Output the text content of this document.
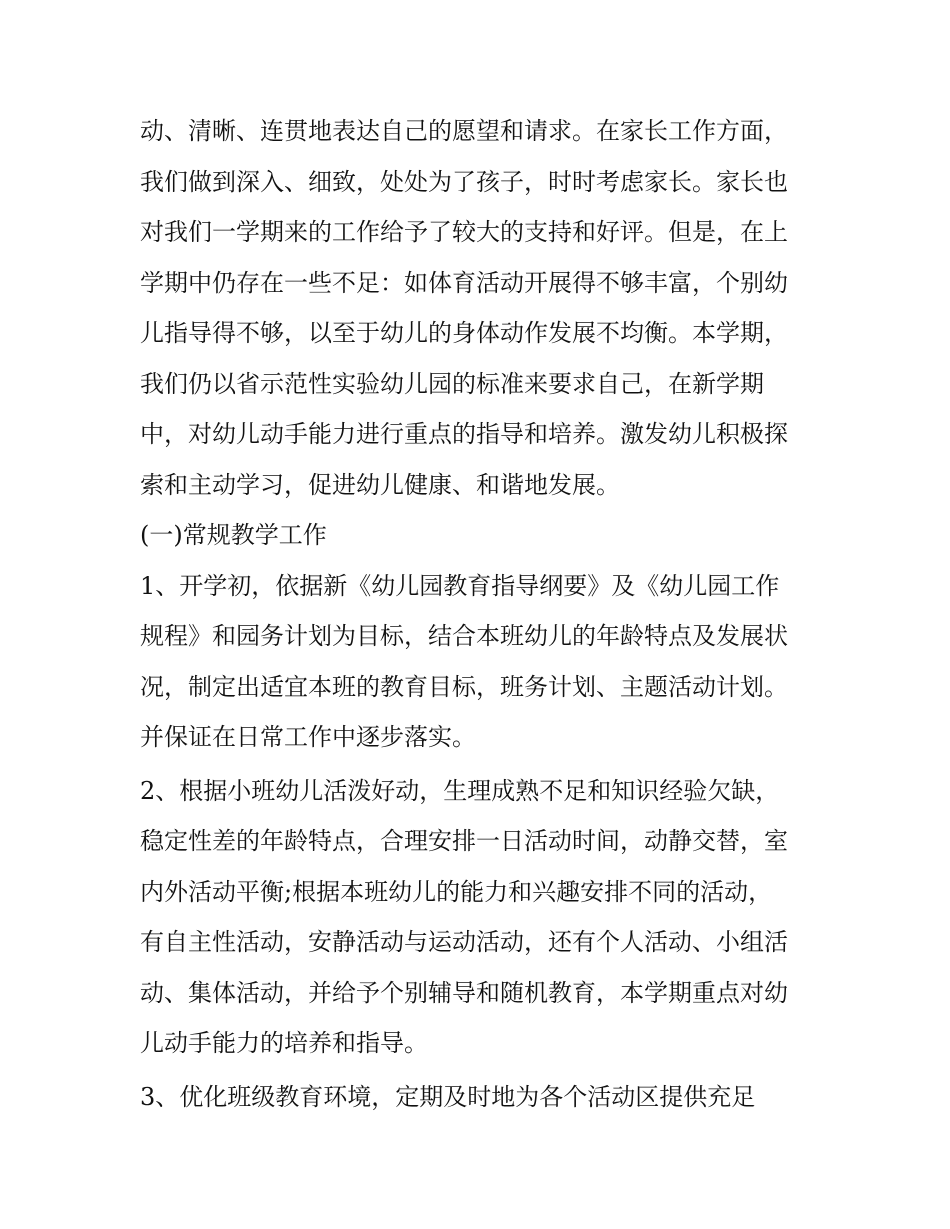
动、清晰、连贯地表达自己的愿望和请求。在家长工作方面，
我们做到深入、细致，处处为了孩子，时时考虑家长。家长也
对我们一学期来的工作给予了较大的支持和好评。但是，在上
学期中仍存在一些不足：如体育活动开展得不够丰富，个别幼
儿指导得不够，以至于幼儿的身体动作发展不均衡。本学期，
我们仍以省示范性实验幼儿园的标准来要求自己，在新学期
中，对幼儿动手能力进行重点的指导和培养。激发幼儿积极探
索和主动学习，促进幼儿健康、和谐地发展。
(一)常规教学工作
1、开学初，依据新《幼儿园教育指导纲要》及《幼儿园工作
规程》和园务计划为目标，结合本班幼儿的年龄特点及发展状
况，制定出适宜本班的教育目标，班务计划、主题活动计划。
并保证在日常工作中逐步落实。
2、根据小班幼儿活泼好动，生理成熟不足和知识经验欠缺，
稳定性差的年龄特点，合理安排一日活动时间，动静交替，室
内外活动平衡;根据本班幼儿的能力和兴趣安排不同的活动，
有自主性活动，安静活动与运动活动，还有个人活动、小组活
动、集体活动，并给予个别辅导和随机教育，本学期重点对幼
儿动手能力的培养和指导。
3、优化班级教育环境，定期及时地为各个活动区提供充足
